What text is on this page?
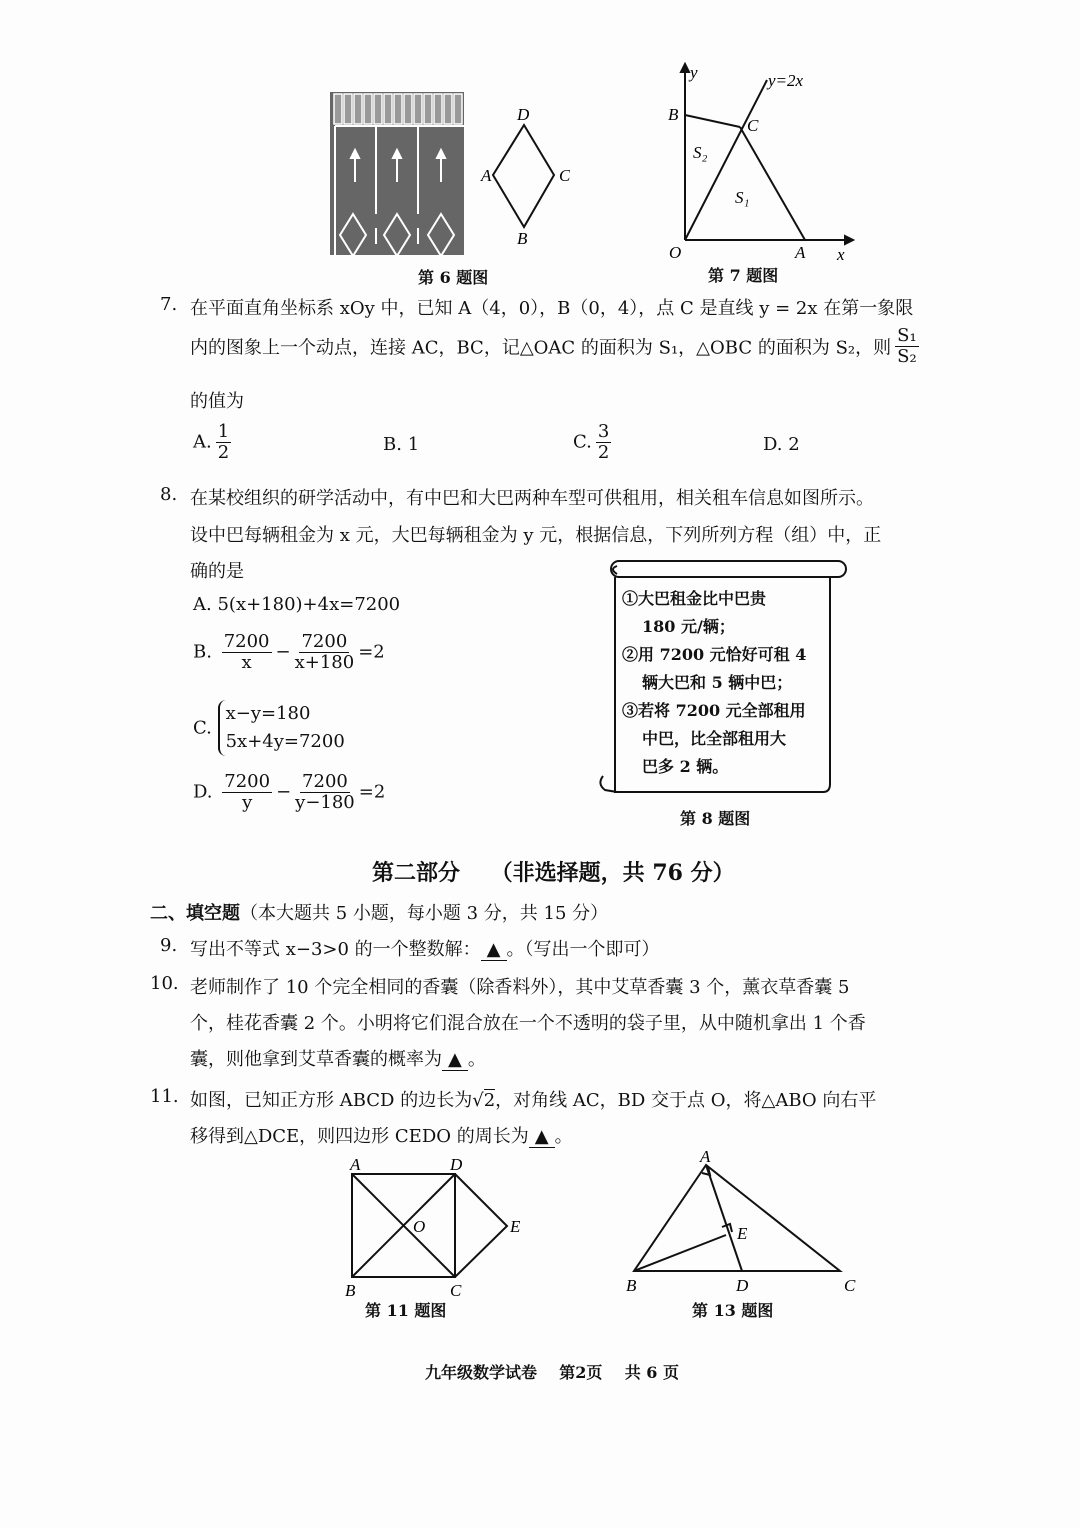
D
A	C
B
第 6 题图
y	y=2x
B
C
S₂
S₁
O	A x
第 7 题图
7. 在平面直角坐标系 xOy 中，已知 A（4，0），B（0，4），点 C 是直线 y = 2x 在第一象限
内的图象上一个动点，连接 AC，BC，记△OAC 的面积为 S₁，△OBC 的面积为 S₂，则 $\frac{\text{S₁}}{\text{S₂}}$
的值为
A. $\frac{1}{2}$	B. 1	C. $\frac{3}{2}$	D. 2
8. 在某校组织的研学活动中，有中巴和大巴两种车型可供租用，相关租车信息如图所示。
设中巴每辆租金为 x 元，大巴每辆租金为 y 元，根据信息，下列所列方程（组）中，正
确的是
A. 5(x+180)+4x=7200
B. $\frac{7200}{x} - \frac{7200}{x+180} =2$
C. x−y=180
5x+4y=7200
D. $\frac{7200}{y} - \frac{7200}{y-180} =2$
①大巴租金比中巴贵
180 元/辆；
②用 7200 元恰好可租 4
辆大巴和 5 辆中巴；
③若将 7200 元全部租用
中巴，比全部租用大
巴多 2 辆。
第 8 题图
第二部分 （非选择题，共 76 分）
二、填空题（本大题共 5 小题，每小题 3 分，共 15 分）
9. 写出不等式 x−3>0 的一个整数解： ▲ 。（写出一个即可）
10. 老师制作了 10 个完全相同的香囊（除香料外），其中艾草香囊 3 个，薰衣草香囊 5
个，桂花香囊 2 个。小明将它们混合放在一个不透明的袋子里，从中随机拿出 1 个香
囊，则他拿到艾草香囊的概率为 ▲ 。
11. 如图，已知正方形 ABCD 的边长为√2，对角线 AC，BD 交于点 O，将△ABO 向右平
移得到△DCE，则四边形 CEDO 的周长为 ▲ 。
A	D
O	E
B	C
第 11 题图
A
E
B	D	C
第 13 题图
九年级数学试卷 第2页 共 6 页
